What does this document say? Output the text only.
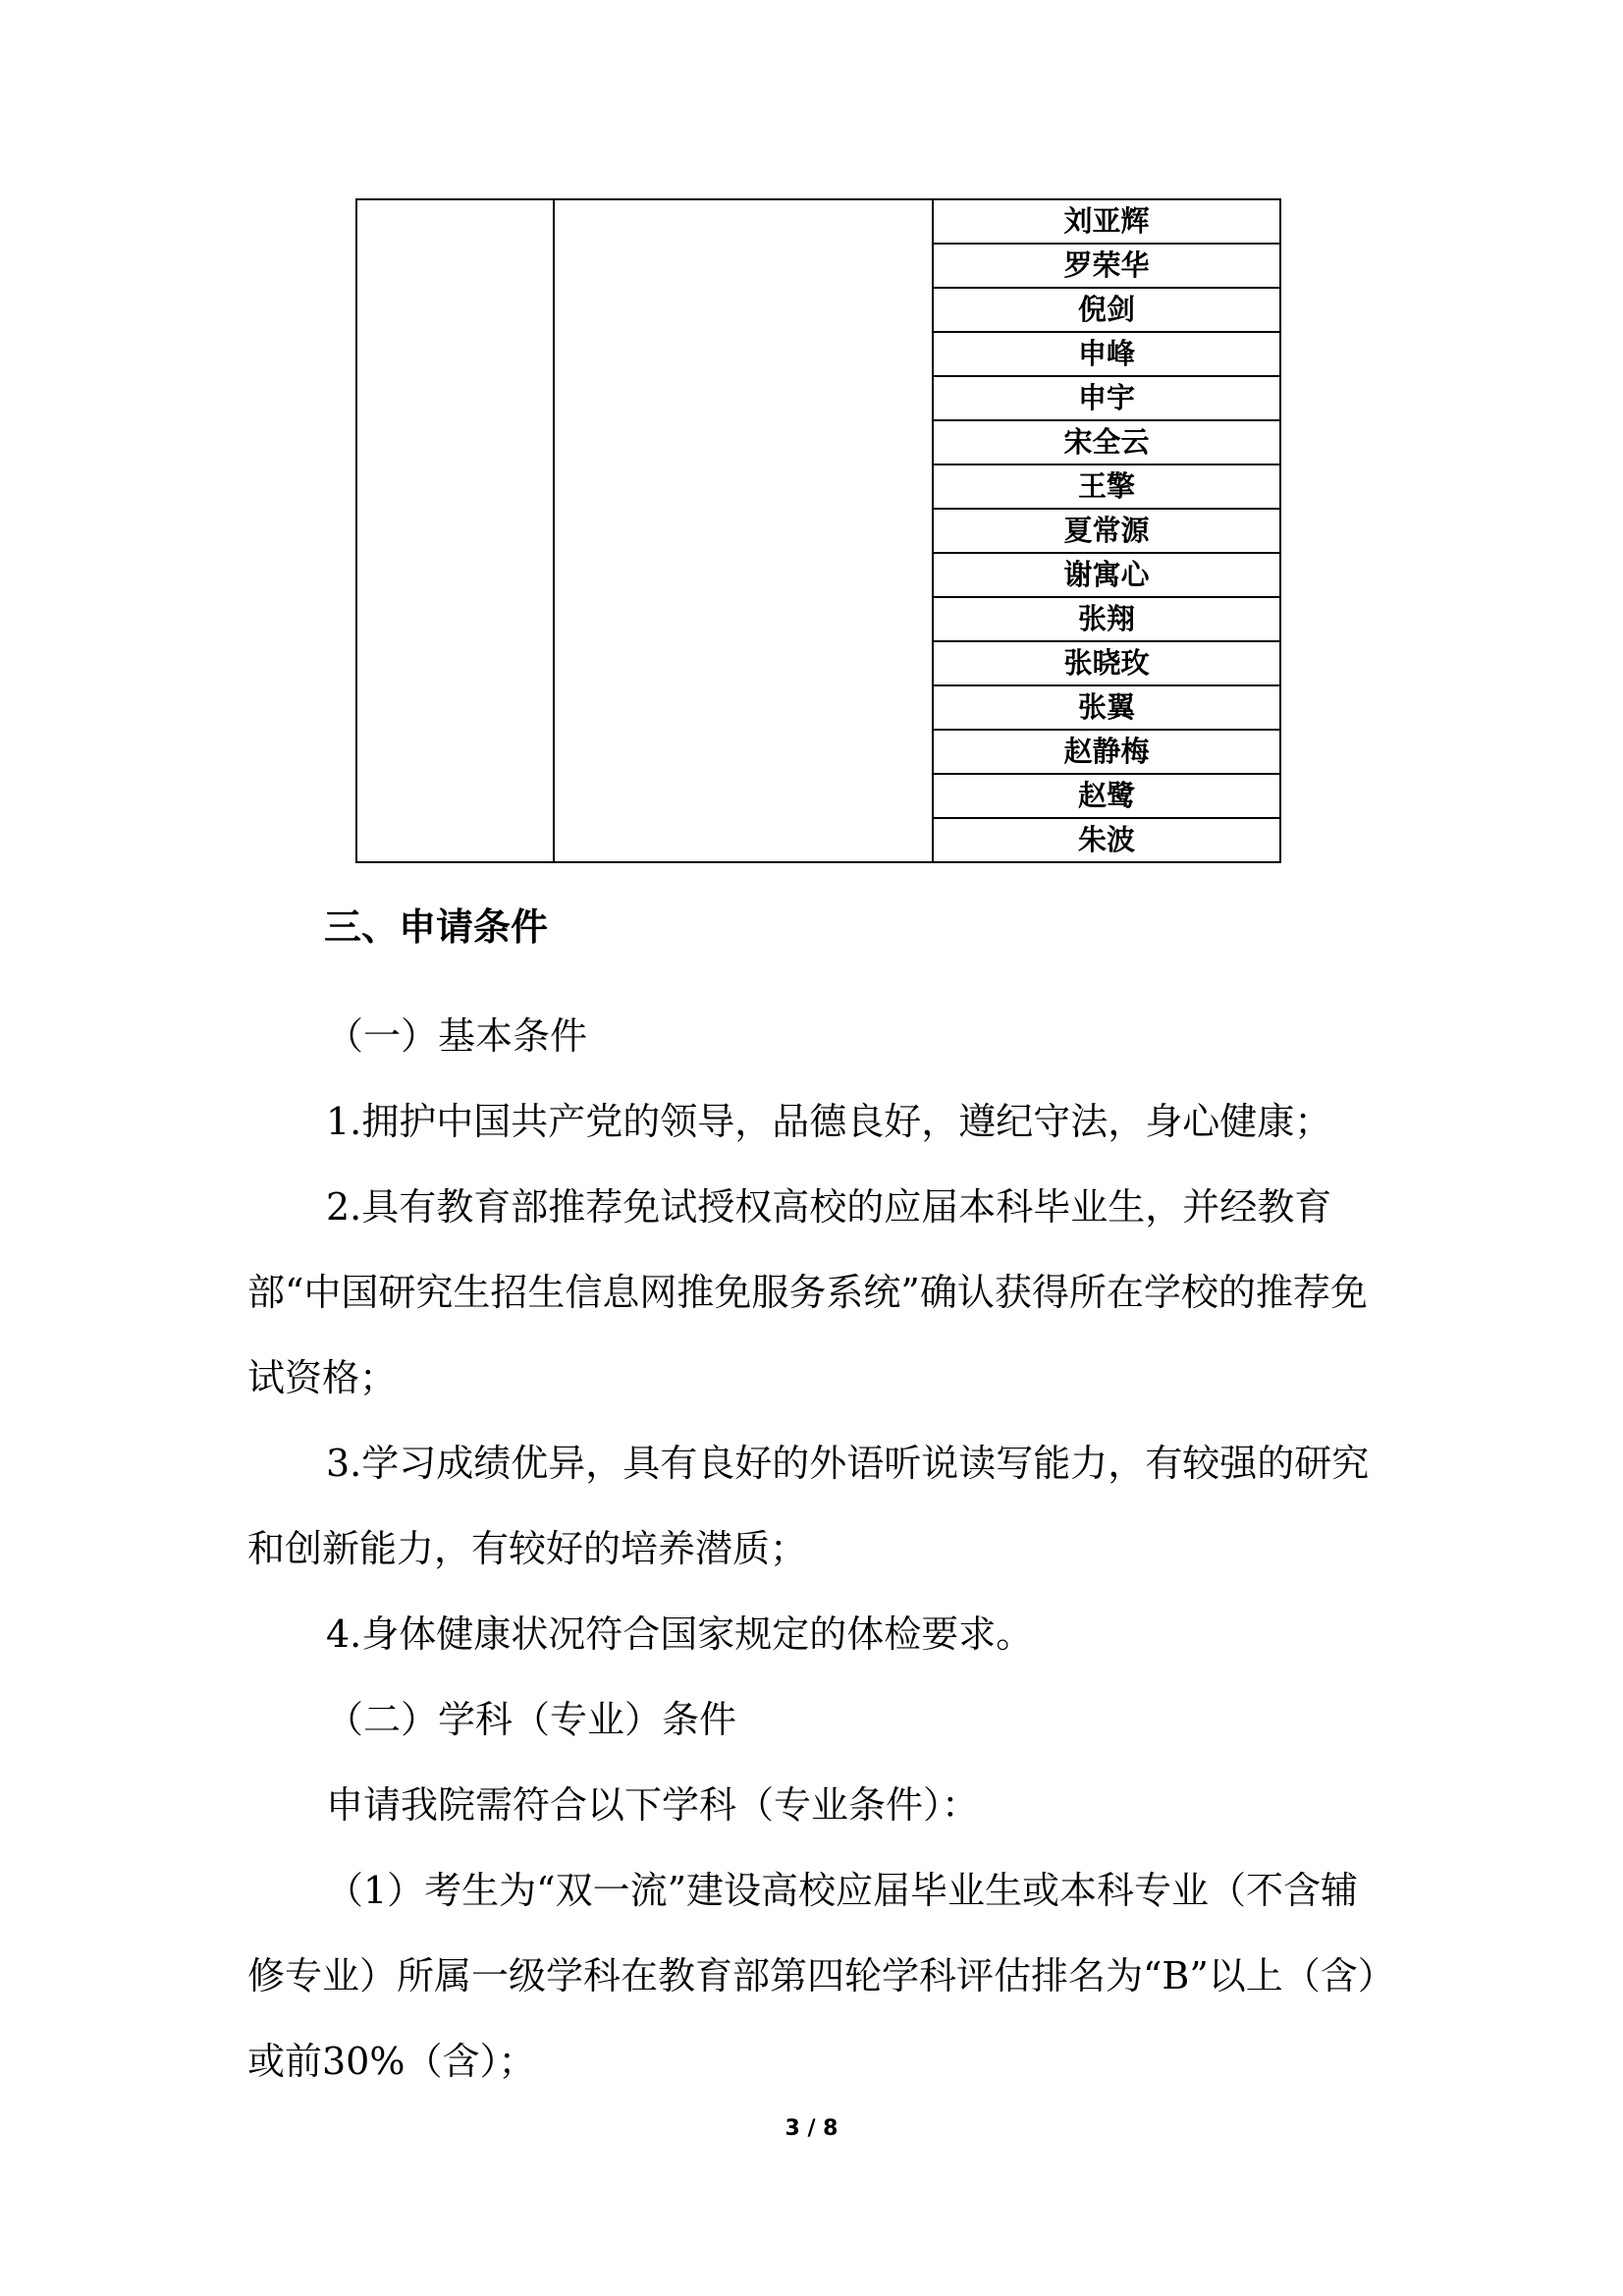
		刘亚辉
罗荣华
倪剑
申峰
申宇
宋全云
王擎
夏常源
谢寓心
张翔
张晓玫
张翼
赵静梅
赵鹭
朱波
三、申请条件

（一）基本条件

1.拥护中国共产党的领导，品德良好，遵纪守法，身心健康；

2.具有教育部推荐免试授权高校的应届本科毕业生，并经教育部“中国研究生招生信息网推免服务系统”确认获得所在学校的推荐免试资格；

3.学习成绩优异，具有良好的外语听说读写能力，有较强的研究和创新能力，有较好的培养潜质；

4.身体健康状况符合国家规定的体检要求。

（二）学科（专业）条件

申请我院需符合以下学科（专业条件）：

（1）考生为“双一流”建设高校应届毕业生或本科专业（不含辅修专业）所属一级学科在教育部第四轮学科评估排名为“B”以上（含）或前30%（含）；

3 / 8
